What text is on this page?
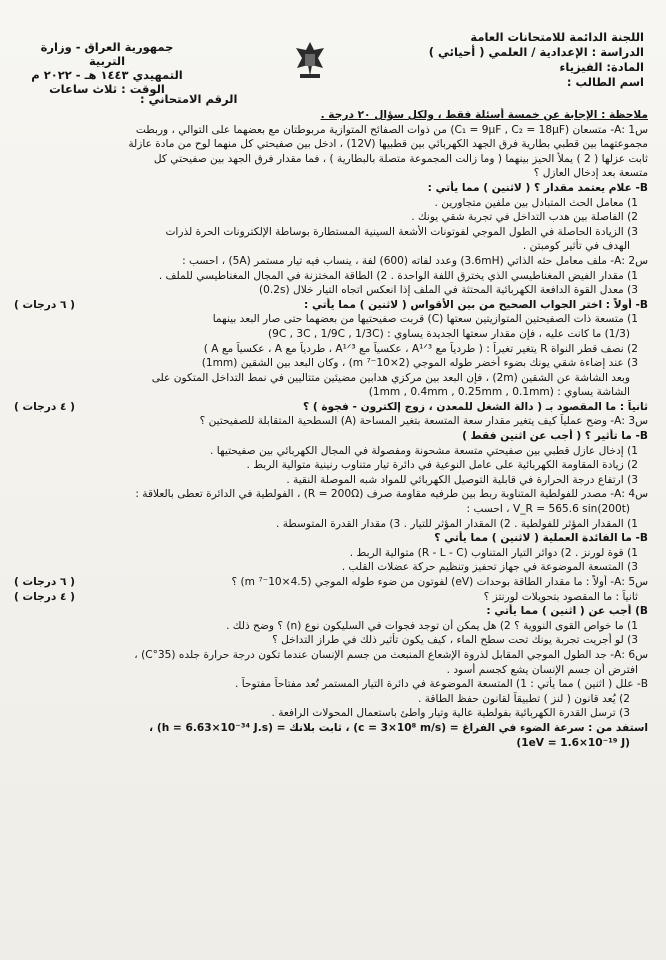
اللجنة الدائمة للامتحانات العامة
الدراسة : الإعدادية / العلمي ( أحيائي )
المادة: الفيزياء
اسم الطالب :
جمهورية العراق - وزارة التربية
التمهيدي ١٤٤٣ هـ - ٢٠٢٢ م
الوقت : ثلاث ساعات
الرقم الامتحاني :
ملاحظة : الإجابة عن خمسة أسئلة فقط ، ولكل سؤال ٢٠ درجة .
س1 :A- متسعان (C₁ = 9μF , C₂ = 18μF) من ذوات الصفائح المتوازية مربوطتان مع بعضهما على التوالي ، وربطت
مجموعتهما بين قطبي بطارية فرق الجهد الكهربائي بين قطبيها (12V) ، ادخل بين صفيحتي كل منهما لوح من مادة عازلة
ثابت عزلها ( 2 ) يملأ الحيز بينهما ( وما زالت المجموعة متصلة بالبطارية ) ، فما مقدار فرق الجهد بين صفيحتي كل
متسعة بعد إدخال العازل ؟
B- علام يعتمد مقدار ؟ ( لاثنين ) مما يأتي :
1) معامل الحث المتبادل بين ملفين متجاورين .
2) الفاصلة بين هدب التداخل في تجربة شقي يونك .
3) الزيادة الحاصلة في الطول الموجي لفوتونات الأشعة السينية المستطارة بوساطة الإلكترونات الحرة لذرات
الهدف في تأثير كومبتن .
س2 :A- ملف معامل حثه الذاتي (3.6mH) وعدد لفاته (600) لفة ، ينساب فيه تيار مستمر (5A) ، احسب :
1) مقدار الفيض المغناطيسي الذي يخترق اللفة الواحدة . 2) الطاقة المختزنة في المجال المغناطيسي للملف .
3) معدل القوة الدافعة الكهربائية المحتثة في الملف إذا انعكس اتجاه التيار خلال (0.2s)
B- أولاً : اختر الجواب الصحيح من بين الأقواس ( لاثنين ) مما يأتي :
( ٦ درجات )
1) متسعة ذات الصفيحتين المتوازيتين سعتها (C) قربت صفيحتيها من بعضهما حتى صار البعد بينهما
(1/3) ما كانت عليه ، فإن مقدار سعتها الجديدة يساوي : (9C , 3C , 1/9C , 1/3C)
2) نصف قطر النواة R يتغير تغيراً : ( طردياً مع A¹ᐟ³ ، عكسياً مع A¹ᐟ³ ، طردياً مع A ، عكسياً مع A )
3) عند إضاءة شقي يونك بضوء أخضر طوله الموجي (2×10⁻⁷ m) ، وكان البعد بين الشقين (1mm)
وبعد الشاشة عن الشقين (2m) ، فإن البعد بين مركزي هدابين مضيئين متتاليين في نمط التداخل المتكون على
الشاشة يساوي : (1mm , 0.4mm , 0.25mm , 0.1mm)
ثانياً : ما المقصود بـ ( دالة الشغل للمعدن ، زوج إلكترون - فجوة ) ؟
( ٤ درجات )
س3 :A- وضح عملياً كيف يتغير مقدار سعة المتسعة بتغير المساحة (A) السطحية المتقابلة للصفيحتين ؟
B- ما تأثير ؟ ( أجب عن اثنين فقط )
1) إدخال عازل قطبي بين صفيحتي متسعة مشحونة ومفصولة في المجال الكهربائي بين صفيحتيها .
2) زيادة المقاومة الكهربائية على عامل النوعية في دائرة تيار متناوب رنينية متوالية الربط .
3) ارتفاع درجة الحرارة في قابلية التوصيل الكهربائي للمواد شبه الموصلة النقية .
س4 :A- مصدر للفولطية المتناوبة ربط بين طرفيه مقاومة صرف (R = 200Ω) ، الفولطية في الدائرة تعطى بالعلاقة :
V_R = 565.6 sin(200t) ، احسب :
1) المقدار المؤثر للفولطية . 2) المقدار المؤثر للتيار . 3) مقدار القدرة المتوسطة .
B- ما الفائدة العملية ( لاثنين ) مما يأتي ؟
1) قوة لورنز . 2) دوائر التيار المتناوب (R - L - C) متوالية الربط .
3) المتسعة الموضوعة في جهاز تحفيز وتنظيم حركة عضلات القلب .
س5 :A- أولاً : ما مقدار الطاقة بوحدات (eV) لفوتون من ضوء طوله الموجي (4.5×10⁻⁷ m) ؟
( ٦ درجات )
ثانياً : ما المقصود بتحويلات لورنتز ؟
( ٤ درجات )
B) أجب عن ( اثنين ) مما يأتي :
1) ما خواص القوى النووية ؟ 2) هل يمكن أن توجد فجوات في السليكون نوع (n) ؟ وضح ذلك .
3) لو أجريت تجربة يونك تحت سطح الماء ، كيف يكون تأثير ذلك في طراز التداخل ؟
س6 :A- جد الطول الموجي المقابل لذروة الإشعاع المنبعث من جسم الإنسان عندما تكون درجة حرارة جلده (35°C) ،
افترض أن جسم الإنسان يشع كجسم أسود .
B- علل ( اثنين ) مما يأتي : 1) المتسعة الموضوعة في دائرة التيار المستمر تُعد مفتاحاً مفتوحاً .
2) يُعد قانون ( لنز ) تطبيقاً لقانون حفظ الطاقة .
3) ترسل القدرة الكهربائية بفولطية عالية وتيار واطئ باستعمال المحولات الرافعة .
استفد من : سرعة الضوء في الفراغ = (c = 3×10⁸ m/s) ، ثابت بلانك = (h = 6.63×10⁻³⁴ J.s) ،
(1eV = 1.6×10⁻¹⁹ J)
